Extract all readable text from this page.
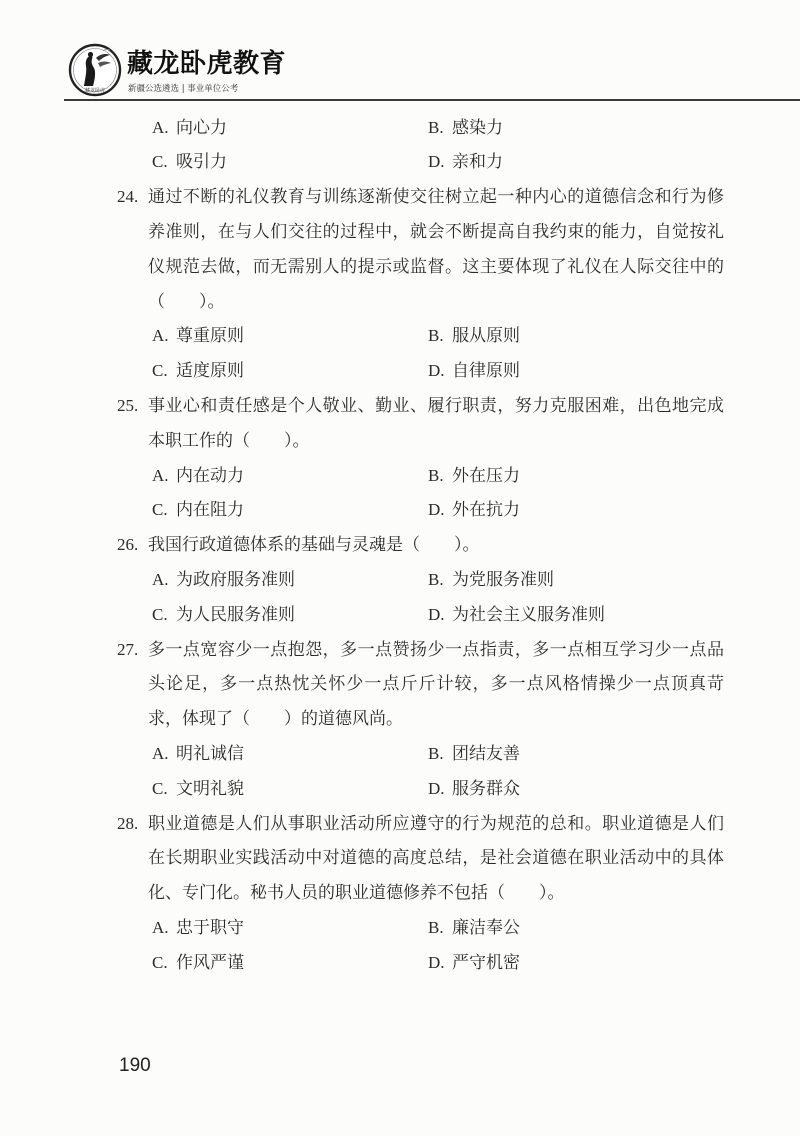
藏龙卧虎
藏龙卧虎教育
新疆公选遴选 | 事业单位公考
A. 向心力	B. 感染力
C. 吸引力	D. 亲和力
24. 通过不断的礼仪教育与训练逐渐使交往树立起一种内心的道德信念和行为修
养准则，在与人们交往的过程中，就会不断提高自我约束的能力，自觉按礼
仪规范去做，而无需别人的提示或监督。这主要体现了礼仪在人际交往中的
（　　）。
A. 尊重原则	B. 服从原则
C. 适度原则	D. 自律原则
25. 事业心和责任感是个人敬业、勤业、履行职责，努力克服困难，出色地完成
本职工作的（　　）。
A. 内在动力	B. 外在压力
C. 内在阻力	D. 外在抗力
26. 我国行政道德体系的基础与灵魂是（　　）。
A. 为政府服务准则	B. 为党服务准则
C. 为人民服务准则	D. 为社会主义服务准则
27. 多一点宽容少一点抱怨，多一点赞扬少一点指责，多一点相互学习少一点品
头论足，多一点热忱关怀少一点斤斤计较，多一点风格情操少一点顶真苛
求，体现了（　　）的道德风尚。
A. 明礼诚信	B. 团结友善
C. 文明礼貌	D. 服务群众
28. 职业道德是人们从事职业活动所应遵守的行为规范的总和。职业道德是人们
在长期职业实践活动中对道德的高度总结，是社会道德在职业活动中的具体
化、专门化。秘书人员的职业道德修养不包括（　　）。
A. 忠于职守	B. 廉洁奉公
C. 作风严谨	D. 严守机密
190
